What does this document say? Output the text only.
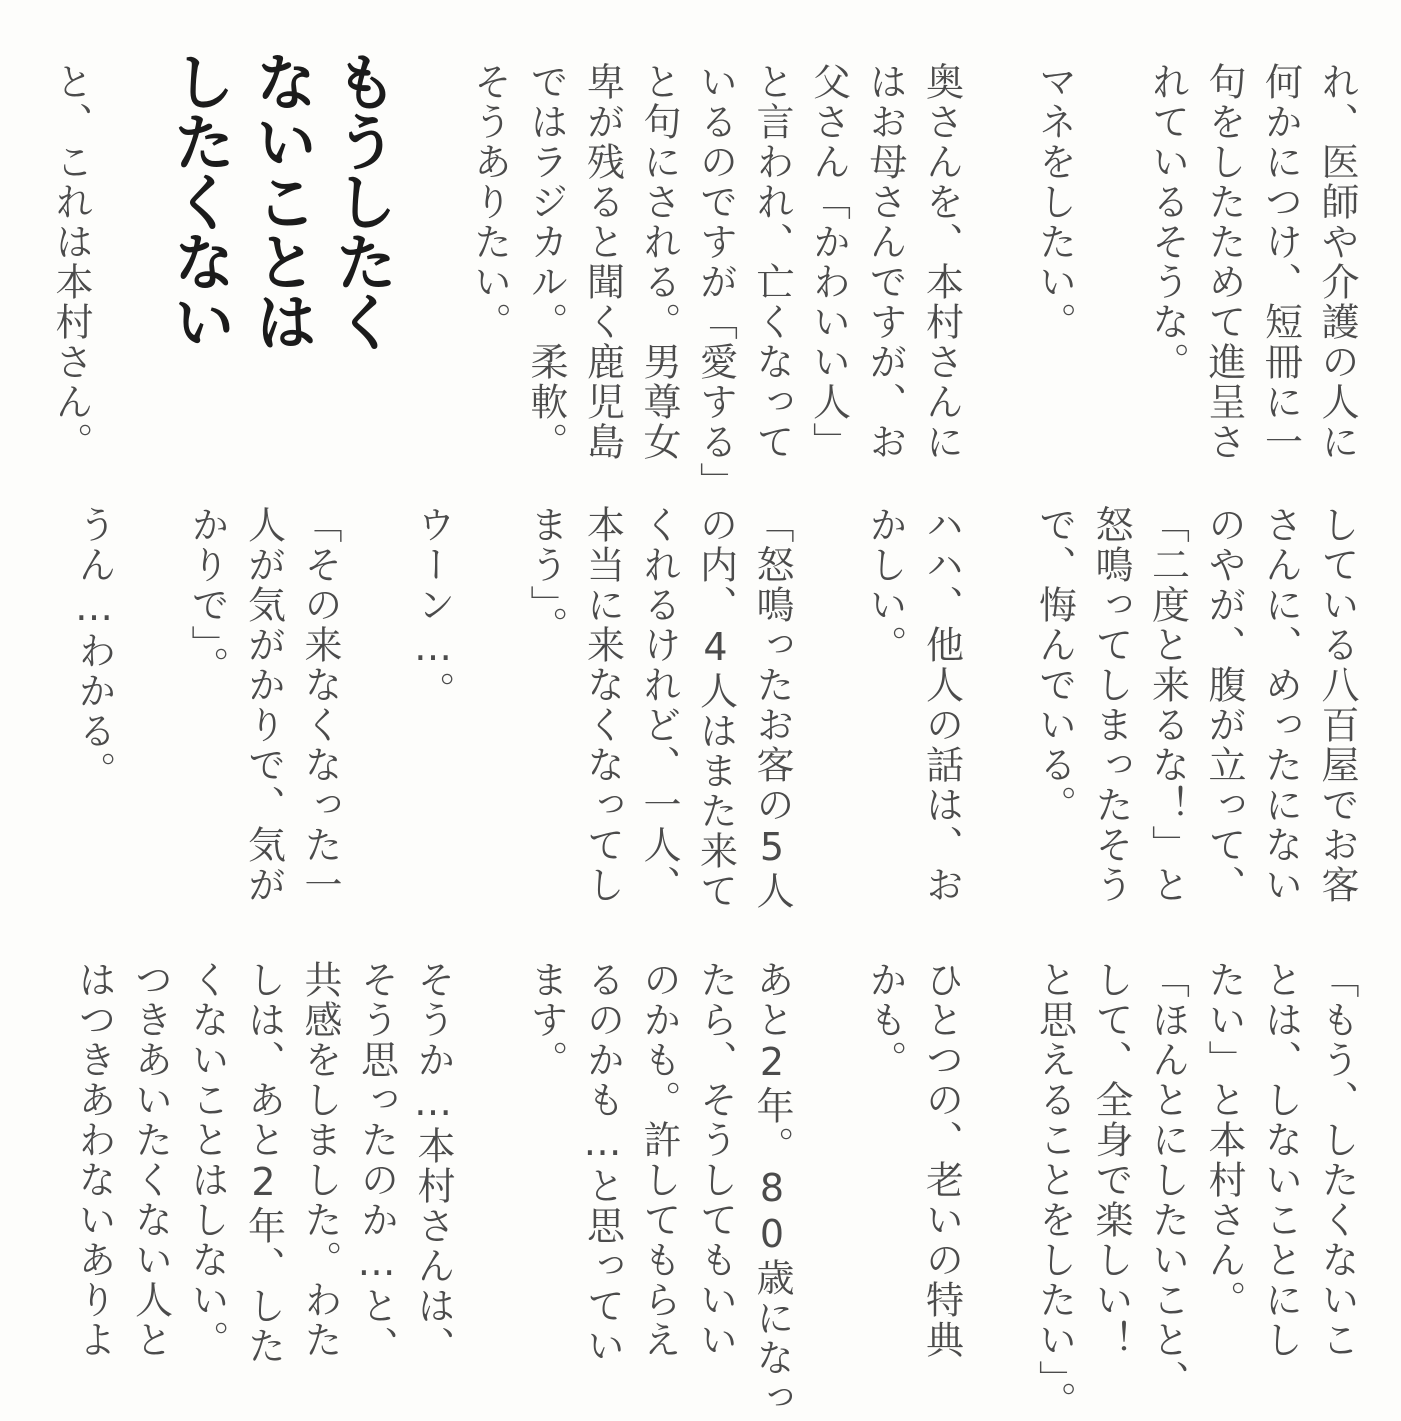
もうしたく
ないことは
したくない	れ、医師や介護の人に
何かにつけ、短冊に一
句をしたためて進呈さ
れているそうな。
マネをしたい。
奥さんを、本村さんに
はお母さんですが、お
父さん「かわいい人」
と言われ、亡くなって
いるのですが「愛する」
と句にされる。男尊女
卑が残ると聞く鹿児島
ではラジカル。柔軟。
そうありたい。
と、これは本村さん。
している八百屋でお客
さんに、めったにない
のやが、腹が立って、
「二度と来るな！」と
怒鳴ってしまったそう
で、悔んでいる。
ハハ、他人の話は、お
かしい。
「怒鳴ったお客の5人
の内、4人はまた来て
くれるけれど、一人、
本当に来なくなってし
まう」。
ウーン…。
「その来なくなった一
人が気がかりで、気が
かりで」。
うん…わかる。
「もう、したくないこ
とは、しないことにし
たい」と本村さん。
「ほんとにしたいこと、
して、全身で楽しい！
と思えることをしたい」。
ひとつの、老いの特典
かも。
あと2年。80歳になっ
たら、そうしてもいい
のかも。許してもらえ
るのかも…と思ってい
ます。
そうか…本村さんは、
そう思ったのか…と、
共感をしました。わた
しは、あと2年、した
くないことはしない。
つきあいたくない人と
はつきあわないありよ
